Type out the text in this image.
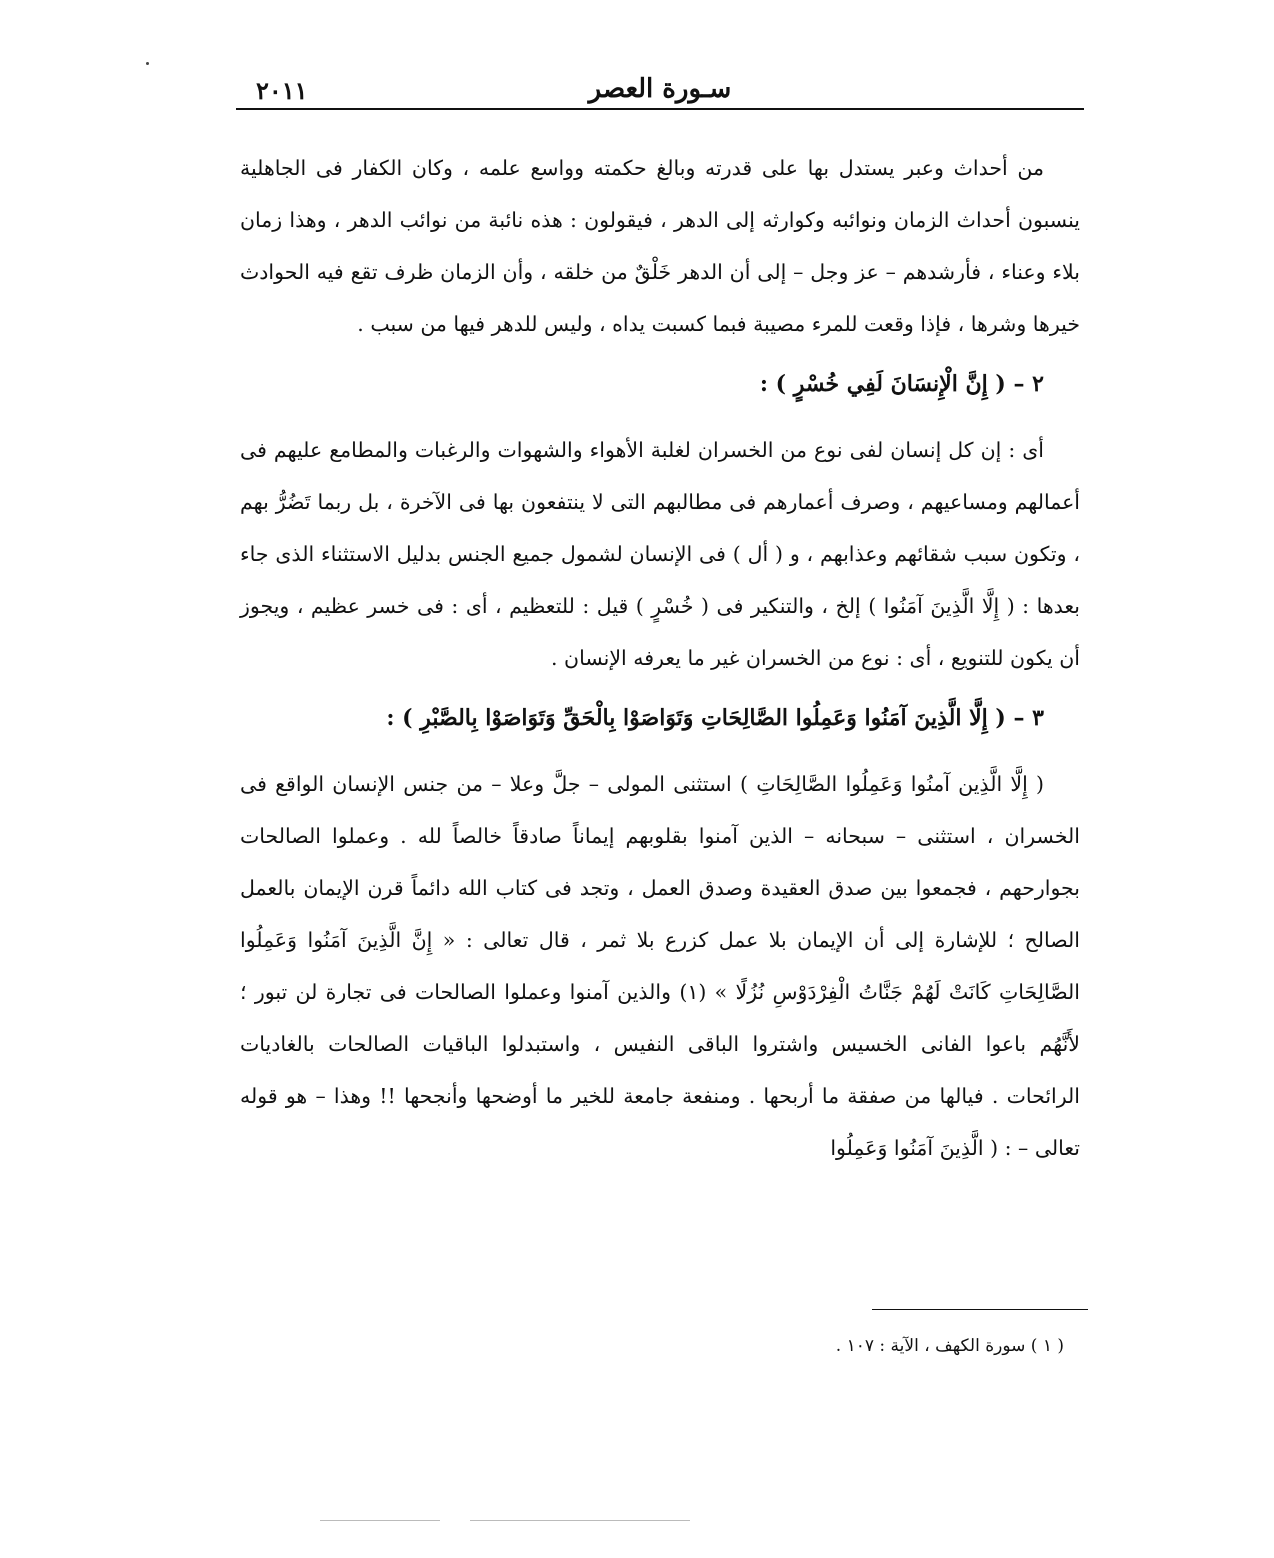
٢٠١١	سـورة العصر

من أحداث وعبر يستدل بها على قدرته وبالغ حكمته وواسع علمه ، وكان الكفار فى الجاهلية ينسبون أحداث الزمان ونوائبه وكوارثه إلى الدهر ، فيقولون : هذه نائبة من نوائب الدهر ، وهذا زمان بلاء وعناء ، فأرشدهم – عز وجل – إلى أن الدهر خَلْقٌ من خلقه ، وأن الزمان ظرف تقع فيه الحوادث خيرها وشرها ، فإذا وقعت للمرء مصيبة فبما كسبت يداه ، وليس للدهر فيها من سبب .

٢ – ( إِنَّ الْإِنسَانَ لَفِي خُسْرٍ ) :

أى : إن كل إنسان لفى نوع من الخسران لغلبة الأهواء والشهوات والرغبات والمطامع عليهم فى أعمالهم ومساعيهم ، وصرف أعمارهم فى مطالبهم التى لا ينتفعون بها فى الآخرة ، بل ربما تَضُرُّ بهم ، وتكون سبب شقائهم وعذابهم ، و ( أل ) فى الإنسان لشمول جميع الجنس بدليل الاستثناء الذى جاء بعدها : ( إِلَّا الَّذِينَ آمَنُوا ) إلخ ، والتنكير فى ( خُسْرٍ ) قيل : للتعظيم ، أى : فى خسر عظيم ، ويجوز أن يكون للتنويع ، أى : نوع من الخسران غير ما يعرفه الإنسان .

٣ – ( إِلَّا الَّذِينَ آمَنُوا وَعَمِلُوا الصَّالِحَاتِ وَتَوَاصَوْا بِالْحَقِّ وَتَوَاصَوْا بِالصَّبْرِ ) :

( إِلَّا الَّذِين آمنُوا وَعَمِلُوا الصَّالِحَاتِ ) استثنى المولى – جلَّ وعلا – من جنس الإنسان الواقع فى الخسران ، استثنى – سبحانه – الذين آمنوا بقلوبهم إيماناً صادقاً خالصاً لله . وعملوا الصالحات بجوارحهم ، فجمعوا بين صدق العقيدة وصدق العمل ، وتجد فى كتاب الله دائماً قرن الإيمان بالعمل الصالح ؛ للإشارة إلى أن الإيمان بلا عمل كزرع بلا ثمر ، قال تعالى : « إِنَّ الَّذِينَ آمَنُوا وَعَمِلُوا الصَّالِحَاتِ كَانَتْ لَهُمْ جَنَّاتُ الْفِرْدَوْسِ نُزُلًا » (١) والذين آمنوا وعملوا الصالحات فى تجارة لن تبور ؛ لأَنَّهُم باعوا الفانى الخسيس واشتروا الباقى النفيس ، واستبدلوا الباقيات الصالحات بالغاديات الرائحات . فيالها من صفقة ما أربحها . ومنفعة جامعة للخير ما أوضحها وأنجحها !! وهذا – هو قوله تعالى – : ( الَّذِينَ آمَنُوا وَعَمِلُوا

( ١ ) سورة الكهف ، الآية : ١٠٧ .
